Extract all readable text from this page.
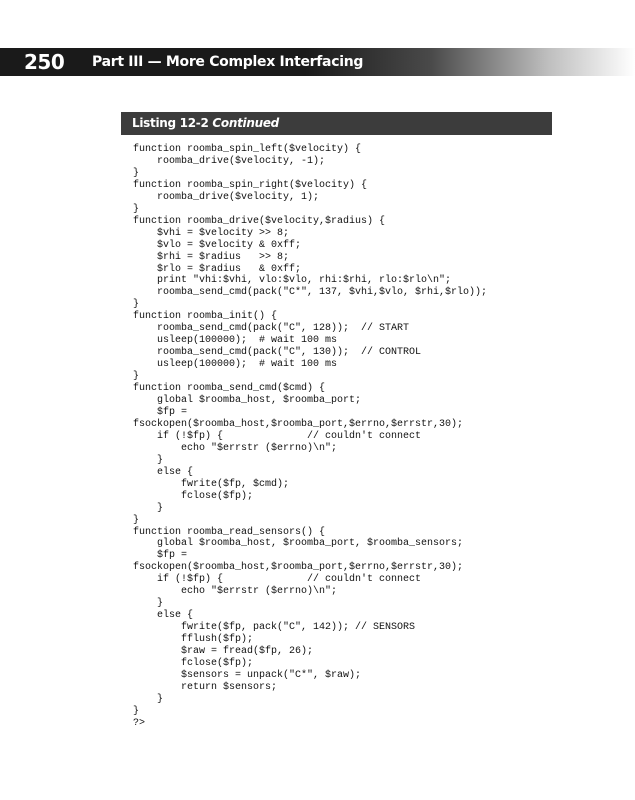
250 Part III — More Complex Interfacing
Listing 12-2 Continued
function roomba_spin_left($velocity) {
roomba_drive($velocity, -1);
}
function roomba_spin_right($velocity) {
roomba_drive($velocity, 1);
}
function roomba_drive($velocity,$radius) {
$vhi = $velocity >> 8;
$vlo = $velocity & 0xff;
$rhi = $radius   >> 8;
$rlo = $radius   & 0xff;
print "vhi:$vhi, vlo:$vlo, rhi:$rhi, rlo:$rlo\n";
roomba_send_cmd(pack("C*", 137, $vhi,$vlo, $rhi,$rlo));
}
function roomba_init() {
roomba_send_cmd(pack("C", 128));  // START
usleep(100000);  # wait 100 ms
roomba_send_cmd(pack("C", 130));  // CONTROL
usleep(100000);  # wait 100 ms
}
function roomba_send_cmd($cmd) {
global $roomba_host, $roomba_port;
$fp =
fsockopen($roomba_host,$roomba_port,$errno,$errstr,30);
if (!$fp) {              // couldn't connect
echo "$errstr ($errno)\n";
}
else {
fwrite($fp, $cmd);
fclose($fp);
}
}
function roomba_read_sensors() {
global $roomba_host, $roomba_port, $roomba_sensors;
$fp =
fsockopen($roomba_host,$roomba_port,$errno,$errstr,30);
if (!$fp) {              // couldn't connect
echo "$errstr ($errno)\n";
}
else {
fwrite($fp, pack("C", 142)); // SENSORS
fflush($fp);
$raw = fread($fp, 26);
fclose($fp);
$sensors = unpack("C*", $raw);
return $sensors;
}
}
?>
